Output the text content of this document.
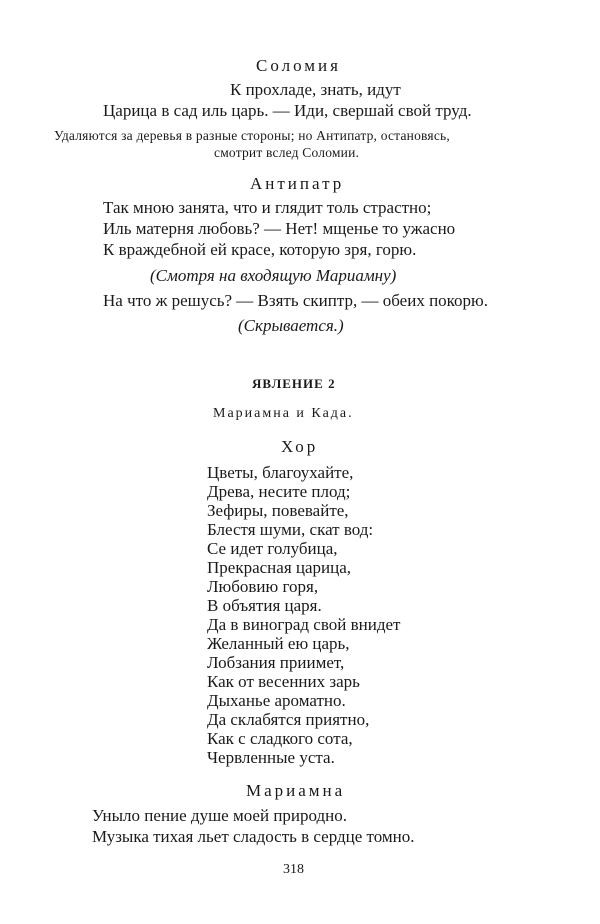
Соломия
К прохладе, знать, идут
Царица в сад иль царь. — Иди, свершай свой труд.
Удаляются за деревья в разные стороны; но Антипатр, остановясь,
смотрит вслед Соломии.
Антипатр
Так мною занята, что и глядит толь страстно;
Иль матерня любовь? — Нет! мщенье то ужасно
К враждебной ей красе, которую зря, горю.
(Смотря на входящую Мариамну)
На что ж решусь? — Взять скиптр, — обеих покорю.
(Скрывается.)
ЯВЛЕНИЕ 2
Мариамна и Када.
Хор
Цветы, благоухайте,
Древа, несите плод;
Зефиры, повевайте,
Блестя шуми, скат вод:
Се идет голубица,
Прекрасная царица,
Любовию горя,
В объятия царя.
Да в виноград свой внидет
Желанный ею царь,
Лобзания приимет,
Как от весенних зарь
Дыханье ароматно.
Да склабятся приятно,
Как с сладкого сота,
Червленные уста.
Мариамна
Уныло пение душе моей природно.
Музыка тихая льет сладость в сердце томно.
318
